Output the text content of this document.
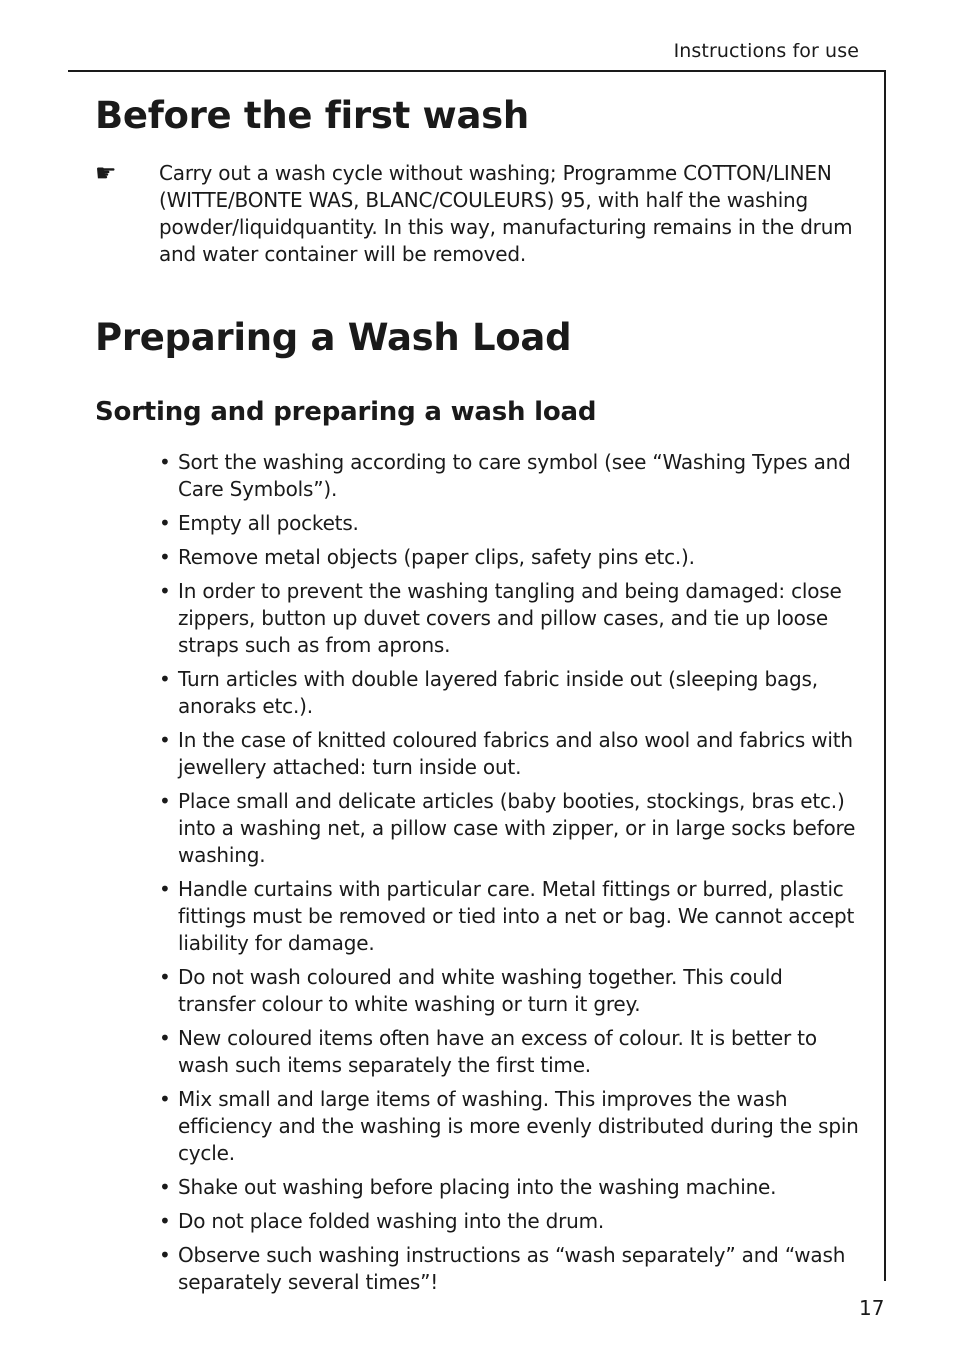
Instructions for use
Before the first wash
☛ Carry out a wash cycle without washing; Programme COTTON/LINEN (WITTE/BONTE WAS, BLANC/COULEURS) 95, with half the washing powder/liquidquantity. In this way, manufacturing remains in the drum and water container will be removed.
Preparing a Wash Load
Sorting and preparing a wash load
• Sort the washing according to care symbol (see “Washing Types and Care Symbols”).
• Empty all pockets.
• Remove metal objects (paper clips, safety pins etc.).
• In order to prevent the washing tangling and being damaged: close zippers, button up duvet covers and pillow cases, and tie up loose straps such as from aprons.
• Turn articles with double layered fabric inside out (sleeping bags, anoraks etc.).
• In the case of knitted coloured fabrics and also wool and fabrics with jewellery attached: turn inside out.
• Place small and delicate articles (baby booties, stockings, bras etc.) into a washing net, a pillow case with zipper, or in large socks before washing.
• Handle curtains with particular care. Metal fittings or burred, plastic fittings must be removed or tied into a net or bag. We cannot accept liability for damage.
• Do not wash coloured and white washing together. This could transfer colour to white washing or turn it grey.
• New coloured items often have an excess of colour. It is better to wash such items separately the first time.
• Mix small and large items of washing. This improves the wash efficiency and the washing is more evenly distributed during the spin cycle.
• Shake out washing before placing into the washing machine.
• Do not place folded washing into the drum.
• Observe such washing instructions as “wash separately” and “wash separately several times”!
17
